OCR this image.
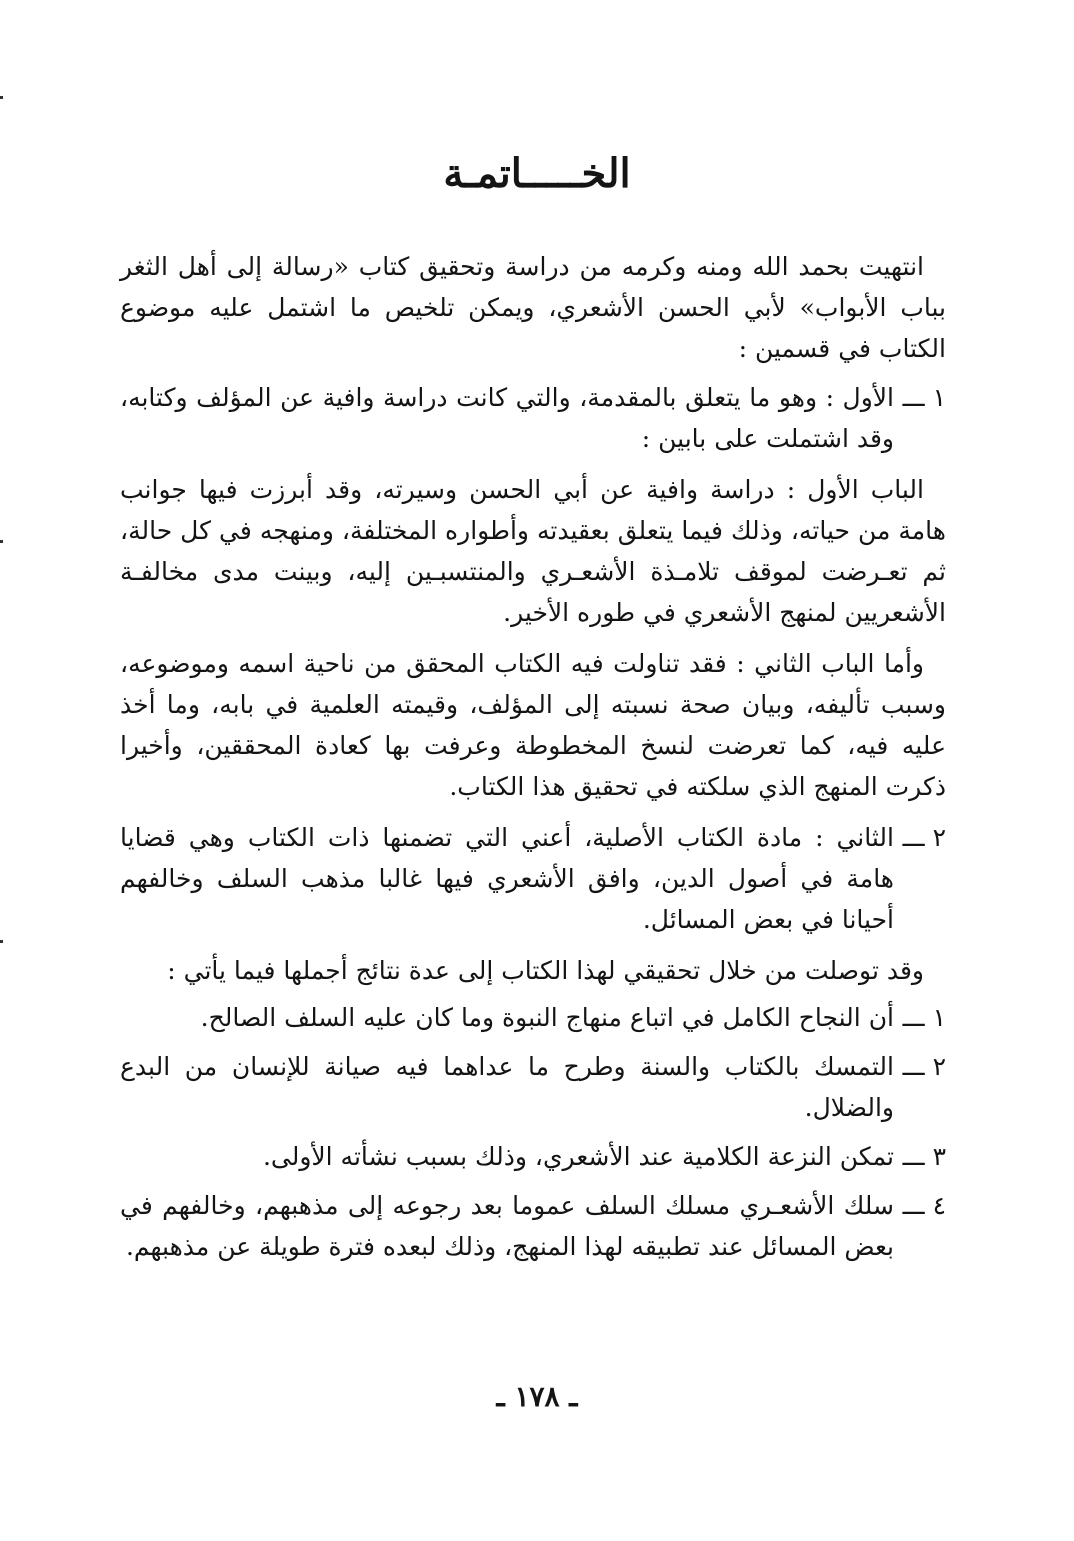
الخـــــاتمـة

انتهيت بحمد الله ومنه وكرمه من دراسة وتحقيق كتاب «رسالة إلى أهل الثغر بباب الأبواب» لأبي الحسن الأشعري، ويمكن تلخيص ما اشتمل عليه موضوع الكتاب في قسمين :

١ ـــ
الأول : وهو ما يتعلق بالمقدمة، والتي كانت دراسة وافية عن المؤلف وكتابه، وقد اشتملت على بابين :

الباب الأول : دراسة وافية عن أبي الحسن وسيرته، وقد أبرزت فيها جوانب هامة من حياته، وذلك فيما يتعلق بعقيدته وأطواره المختلفة، ومنهجه في كل حالة، ثم تعـرضت لموقف تلامـذة الأشعـري والمنتسبـين إليه، وبينت مدى مخالفـة الأشعريين لمنهج الأشعري في طوره الأخير.

وأما الباب الثاني : فقد تناولت فيه الكتاب المحقق من ناحية اسمه وموضوعه، وسبب تأليفه، وبيان صحة نسبته إلى المؤلف، وقيمته العلمية في بابه، وما أخذ عليه فيه، كما تعرضت لنسخ المخطوطة وعرفت بها كعادة المحققين، وأخيرا ذكرت المنهج الذي سلكته في تحقيق هذا الكتاب.

٢ ـــ
الثاني : مادة الكتاب الأصلية، أعني التي تضمنها ذات الكتاب وهي قضايا هامة في أصول الدين، وافق الأشعري فيها غالبا مذهب السلف وخالفهم أحيانا في بعض المسائل.

وقد توصلت من خلال تحقيقي لهذا الكتاب إلى عدة نتائج أجملها فيما يأتي :

١ ـــ
أن النجاح الكامل في اتباع منهاج النبوة وما كان عليه السلف الصالح.
٢ ـــ
التمسك بالكتاب والسنة وطرح ما عداهما فيه صيانة للإنسان من البدع والضلال.
٣ ـــ
تمكن النزعة الكلامية عند الأشعري، وذلك بسبب نشأته الأولى.
٤ ـــ
سلك الأشعـري مسلك السلف عموما بعد رجوعه إلى مذهبهم، وخالفهم في بعض المسائل عند تطبيقه لهذا المنهج، وذلك لبعده فترة طويلة عن مذهبهم.
ـ ١٧٨ ـ
